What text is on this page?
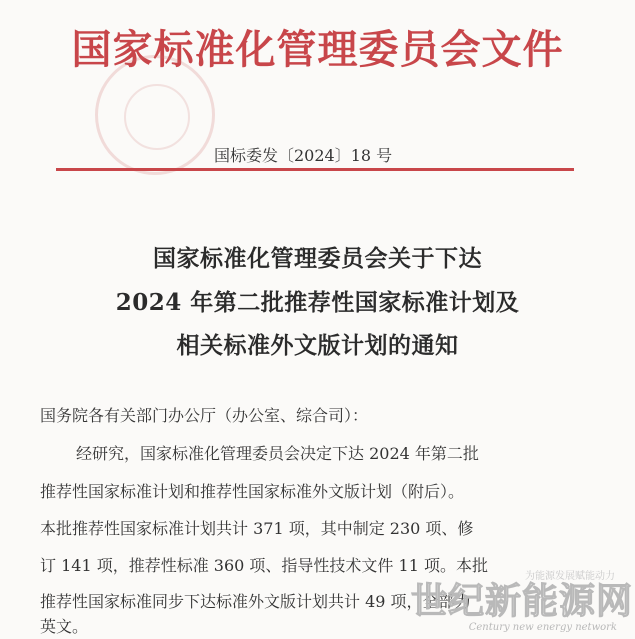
国家标准化管理委员会文件
国标委发〔2024〕18 号
国家标准化管理委员会关于下达
2024 年第二批推荐性国家标准计划及
相关标准外文版计划的通知
国务院各有关部门办公厅（办公室、综合司）：
经研究，国家标准化管理委员会决定下达 2024 年第二批
推荐性国家标准计划和推荐性国家标准外文版计划（附后）。
本批推荐性国家标准计划共计 371 项，其中制定 230 项、修
订 141 项，推荐性标准 360 项、指导性技术文件 11 项。本批
推荐性国家标准同步下达标准外文版计划共计 49 项，全部为
英文。
为能源发展赋能动力
世纪新能源网
Century new energy network
